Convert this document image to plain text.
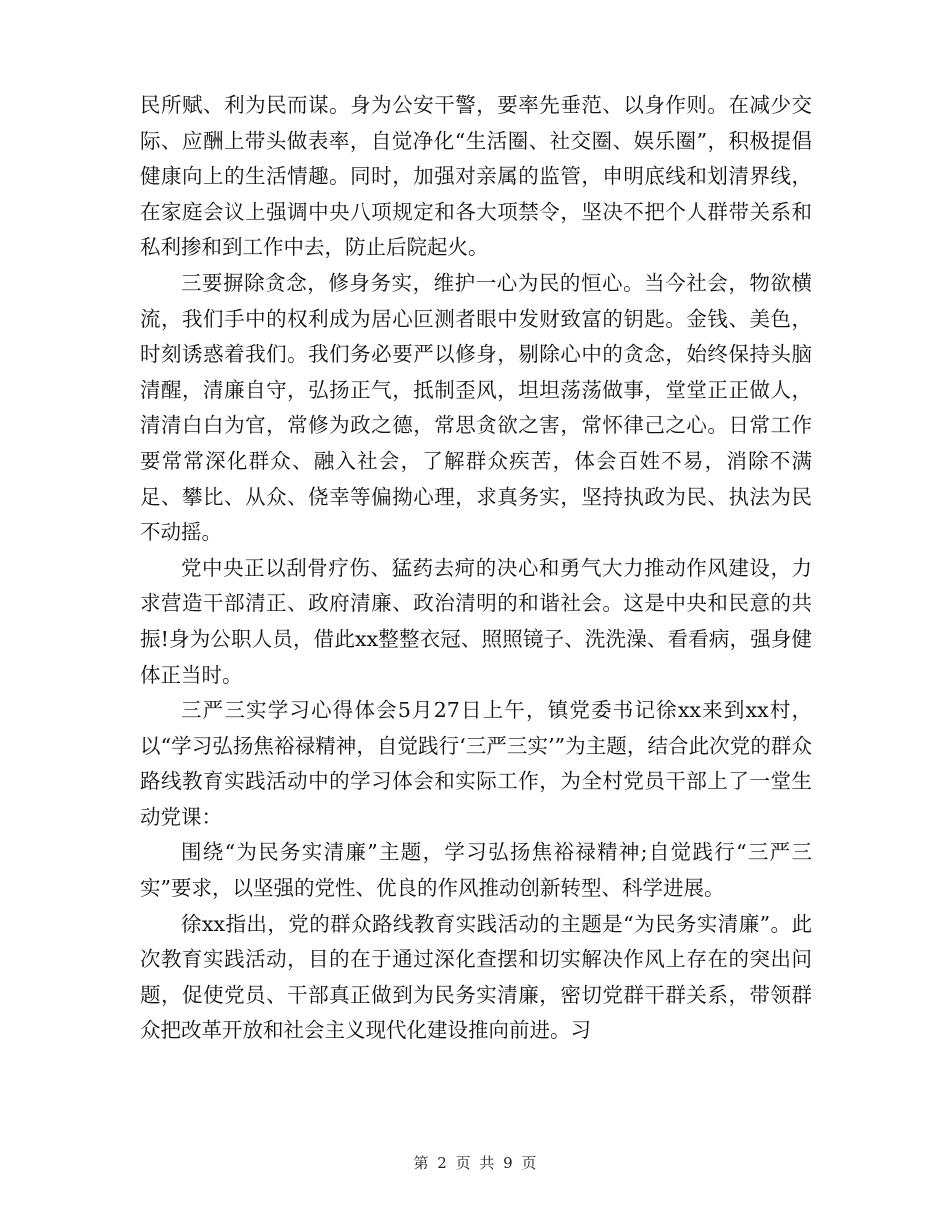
民所赋、利为民而谋。身为公安干警，要率先垂范、以身作则。在减少交际、应酬上带头做表率，自觉净化“生活圈、社交圈、娱乐圈”，积极提倡健康向上的生活情趣。同时，加强对亲属的监管，申明底线和划清界线，在家庭会议上强调中央八项规定和各大项禁令，坚决不把个人群带关系和私利掺和到工作中去，防止后院起火。

三要摒除贪念，修身务实，维护一心为民的恒心。当今社会，物欲横流，我们手中的权利成为居心叵测者眼中发财致富的钥匙。金钱、美色，时刻诱惑着我们。我们务必要严以修身，剔除心中的贪念，始终保持头脑清醒，清廉自守，弘扬正气，抵制歪风，坦坦荡荡做事，堂堂正正做人，清清白白为官，常修为政之德，常思贪欲之害，常怀律己之心。日常工作要常常深化群众、融入社会，了解群众疾苦，体会百姓不易，消除不满足、攀比、从众、侥幸等偏拗心理，求真务实，坚持执政为民、执法为民不动摇。

党中央正以刮骨疗伤、猛药去疴的决心和勇气大力推动作风建设，力求营造干部清正、政府清廉、政治清明的和谐社会。这是中央和民意的共振!身为公职人员，借此xx整整衣冠、照照镜子、洗洗澡、看看病，强身健体正当时。

三严三实学习心得体会5月27日上午，镇党委书记徐xx来到xx村，以“学习弘扬焦裕禄精神，自觉践行‘三严三实’”为主题，结合此次党的群众路线教育实践活动中的学习体会和实际工作，为全村党员干部上了一堂生动党课：

围绕“为民务实清廉”主题，学习弘扬焦裕禄精神;自觉践行“三严三实”要求，以坚强的党性、优良的作风推动创新转型、科学进展。

徐xx指出，党的群众路线教育实践活动的主题是“为民务实清廉”。此次教育实践活动，目的在于通过深化查摆和切实解决作风上存在的突出问题，促使党员、干部真正做到为民务实清廉，密切党群干群关系，带领群众把改革开放和社会主义现代化建设推向前进。习

第 2 页 共 9 页
